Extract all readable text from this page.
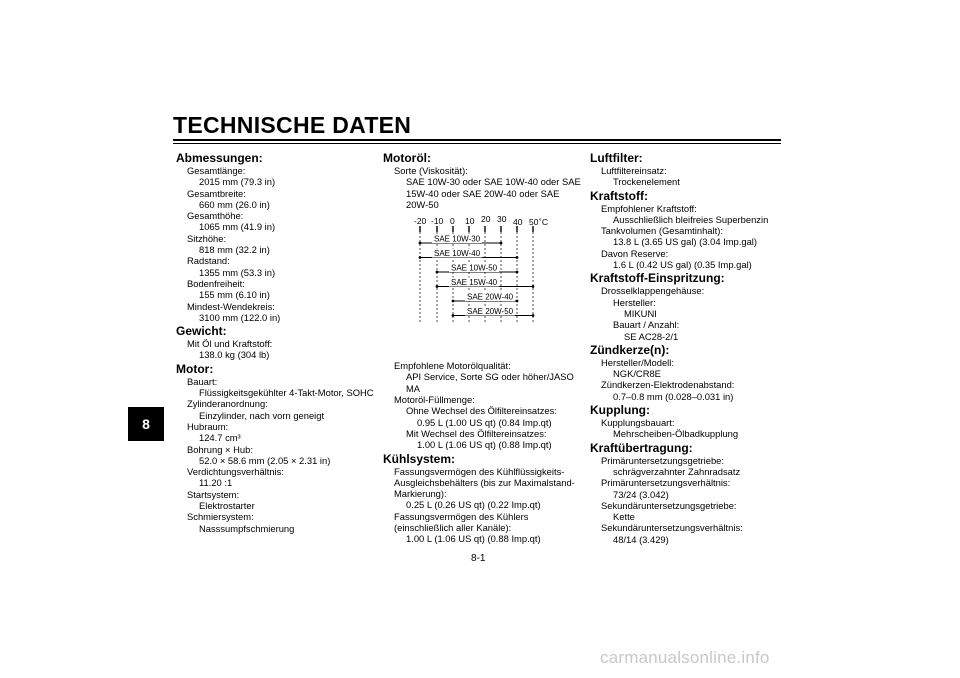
TECHNISCHE DATEN
8
Abmessungen:
Gesamtlänge:
2015 mm (79.3 in)
Gesamtbreite:
660 mm (26.0 in)
Gesamthöhe:
1065 mm (41.9 in)
Sitzhöhe:
818 mm (32.2 in)
Radstand:
1355 mm (53.3 in)
Bodenfreiheit:
155 mm (6.10 in)
Mindest-Wendekreis:
3100 mm (122.0 in)
Gewicht:
Mit Öl und Kraftstoff:
138.0 kg (304 lb)
Motor:
Bauart:
Flüssigkeitsgekühlter 4-Takt-Motor, SOHC
Zylinderanordnung:
Einzylinder, nach vorn geneigt
Hubraum:
124.7 cm³
Bohrung × Hub:
52.0 × 58.6 mm (2.05 × 2.31 in)
Verdichtungsverhältnis:
11.20 :1
Startsystem:
Elektrostarter
Schmiersystem:
Nasssumpfschmierung
Motoröl:
Sorte (Viskosität):
SAE 10W-30 oder SAE 10W-40 oder SAE 15W-40 oder SAE 20W-40 oder SAE 20W-50
-20 -10 0 10 20 30 40 50 ˚C
SAE 10W-30
SAE 10W-40
SAE 10W-50
SAE 15W-40
SAE 20W-40
SAE 20W-50
Empfohlene Motorölqualität:
API Service, Sorte SG oder höher/JASO MA
Motoröl-Füllmenge:
Ohne Wechsel des Ölfiltereinsatzes:
0.95 L (1.00 US qt) (0.84 Imp.qt)
Mit Wechsel des Ölfiltereinsatzes:
1.00 L (1.06 US qt) (0.88 Imp.qt)
Kühlsystem:
Fassungsvermögen des Kühlflüssigkeits-Ausgleichsbehälters (bis zur Maximalstand-Markierung):
0.25 L (0.26 US qt) (0.22 Imp.qt)
Fassungsvermögen des Kühlers (einschließlich aller Kanäle):
1.00 L (1.06 US qt) (0.88 Imp.qt)
Luftfilter:
Luftfiltereinsatz:
Trockenelement
Kraftstoff:
Empfohlener Kraftstoff:
Ausschließlich bleifreies Superbenzin
Tankvolumen (Gesamtinhalt):
13.8 L (3.65 US gal) (3.04 Imp.gal)
Davon Reserve:
1.6 L (0.42 US gal) (0.35 Imp.gal)
Kraftstoff-Einspritzung:
Drosselklappengehäuse:
Hersteller:
MIKUNI
Bauart / Anzahl:
SE AC28-2/1
Zündkerze(n):
Hersteller/Modell:
NGK/CR8E
Zündkerzen-Elektrodenabstand:
0.7–0.8 mm (0.028–0.031 in)
Kupplung:
Kupplungsbauart:
Mehrscheiben-Ölbadkupplung
Kraftübertragung:
Primäruntersetzungsgetriebe:
schrägverzahnter Zahnradsatz
Primäruntersetzungsverhältnis:
73/24 (3.042)
Sekundäruntersetzungsgetriebe:
Kette
Sekundäruntersetzungsverhältnis:
48/14 (3.429)
8-1
carmanualsonline.info
